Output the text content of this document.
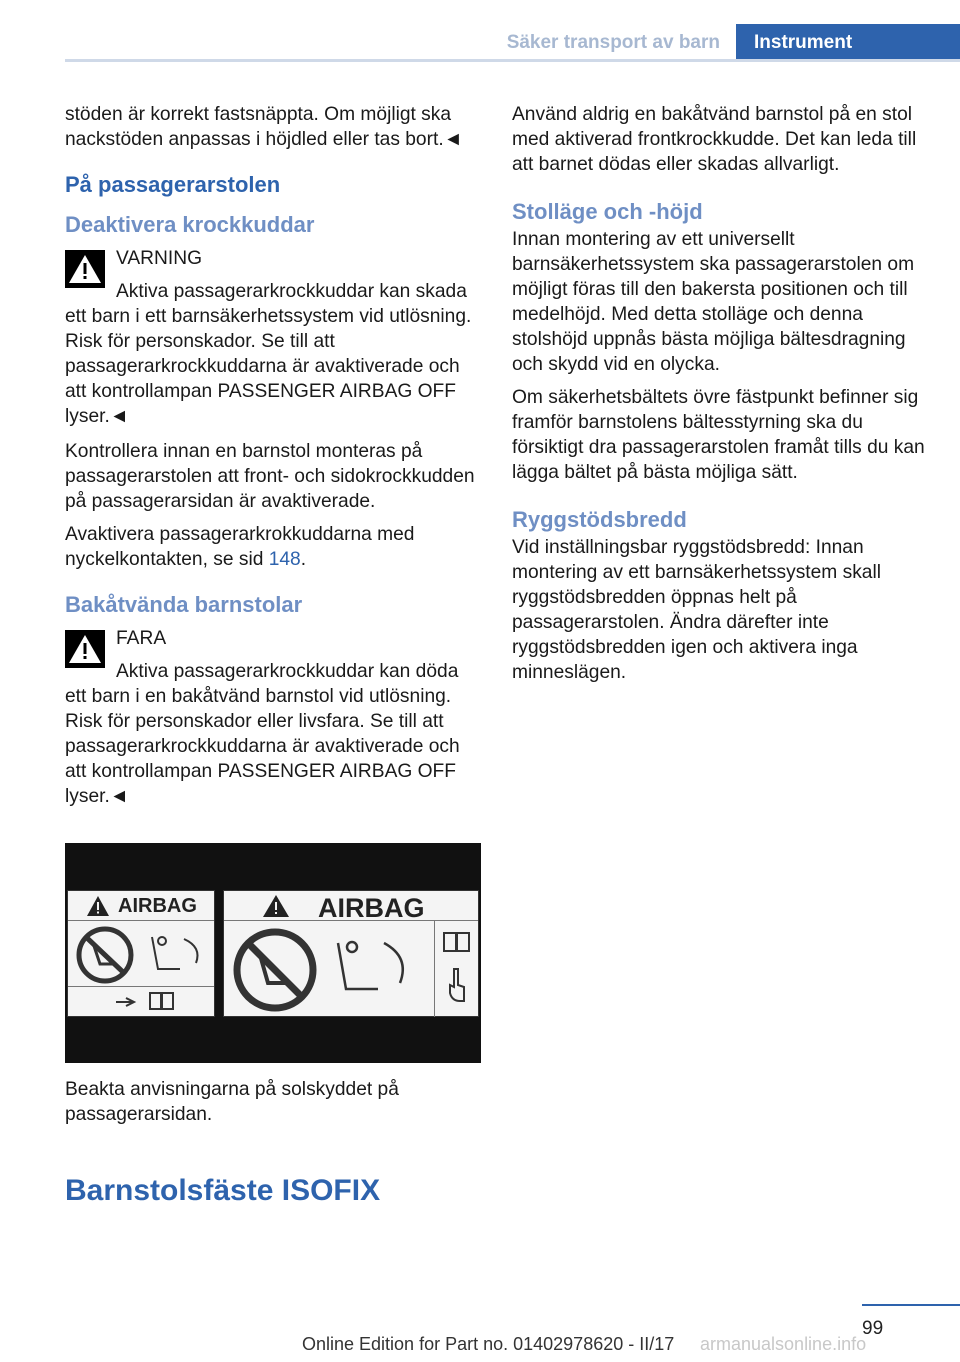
Säker transport av barn	Instrument

stöden är korrekt fastsnäppta. Om möjligt ska nackstöden anpassas i höjdled eller tas bort.◄

På passagerarstolen
Deaktivera krockkuddar

VARNING

Aktiva passagerarkrockkuddar kan skada ett barn i ett barnsäkerhetssystem vid utlösning. Risk för personskador. Se till att passagerarkrockkuddarna är avaktiverade och att kontrollampan PASSENGER AIRBAG OFF lyser.◄

Kontrollera innan en barnstol monteras på passagerarstolen att front- och sidokrockkudden på passagerarsidan är avaktiverade.

Avaktivera passagerarkrokkuddarna med nyckelkontakten, se sid 148.

Bakåtvända barnstolar

FARA

Aktiva passagerarkrockkuddar kan döda ett barn i en bakåtvänd barnstol vid utlösning. Risk för personskador eller livsfara. Se till att passagerarkrockkuddarna är avaktiverade och att kontrollampan PASSENGER AIRBAG OFF lyser.◄

AIRBAG	AIRBAG

Beakta anvisningarna på solskyddet på passagerarsidan.

Använd aldrig en bakåtvänd barnstol på en stol med aktiverad frontkrockkudde. Det kan leda till att barnet dödas eller skadas allvarligt.

Stolläge och -höjd

Innan montering av ett universellt barnsäkerhetssystem ska passagerarstolen om möjligt föras till den bakersta positionen och till medelhöjd. Med detta stolläge och denna stolshöjd uppnås bästa möjliga bältesdragning och skydd vid en olycka.

Om säkerhetsbältets övre fästpunkt befinner sig framför barnstolens bältesstyrning ska du försiktigt dra passagerarstolen framåt tills du kan lägga bältet på bästa möjliga sätt.

Ryggstödsbredd

Vid inställningsbar ryggstödsbredd: Innan montering av ett barnsäkerhetssystem skall ryggstödsbredden öppnas helt på passagerarstolen. Ändra därefter inte ryggstödsbredden igen och aktivera inga minneslägen.

Barnstolsfäste ISOFIX
99
Online Edition for Part no. 01402978620 - II/17 armanualsonline.info
